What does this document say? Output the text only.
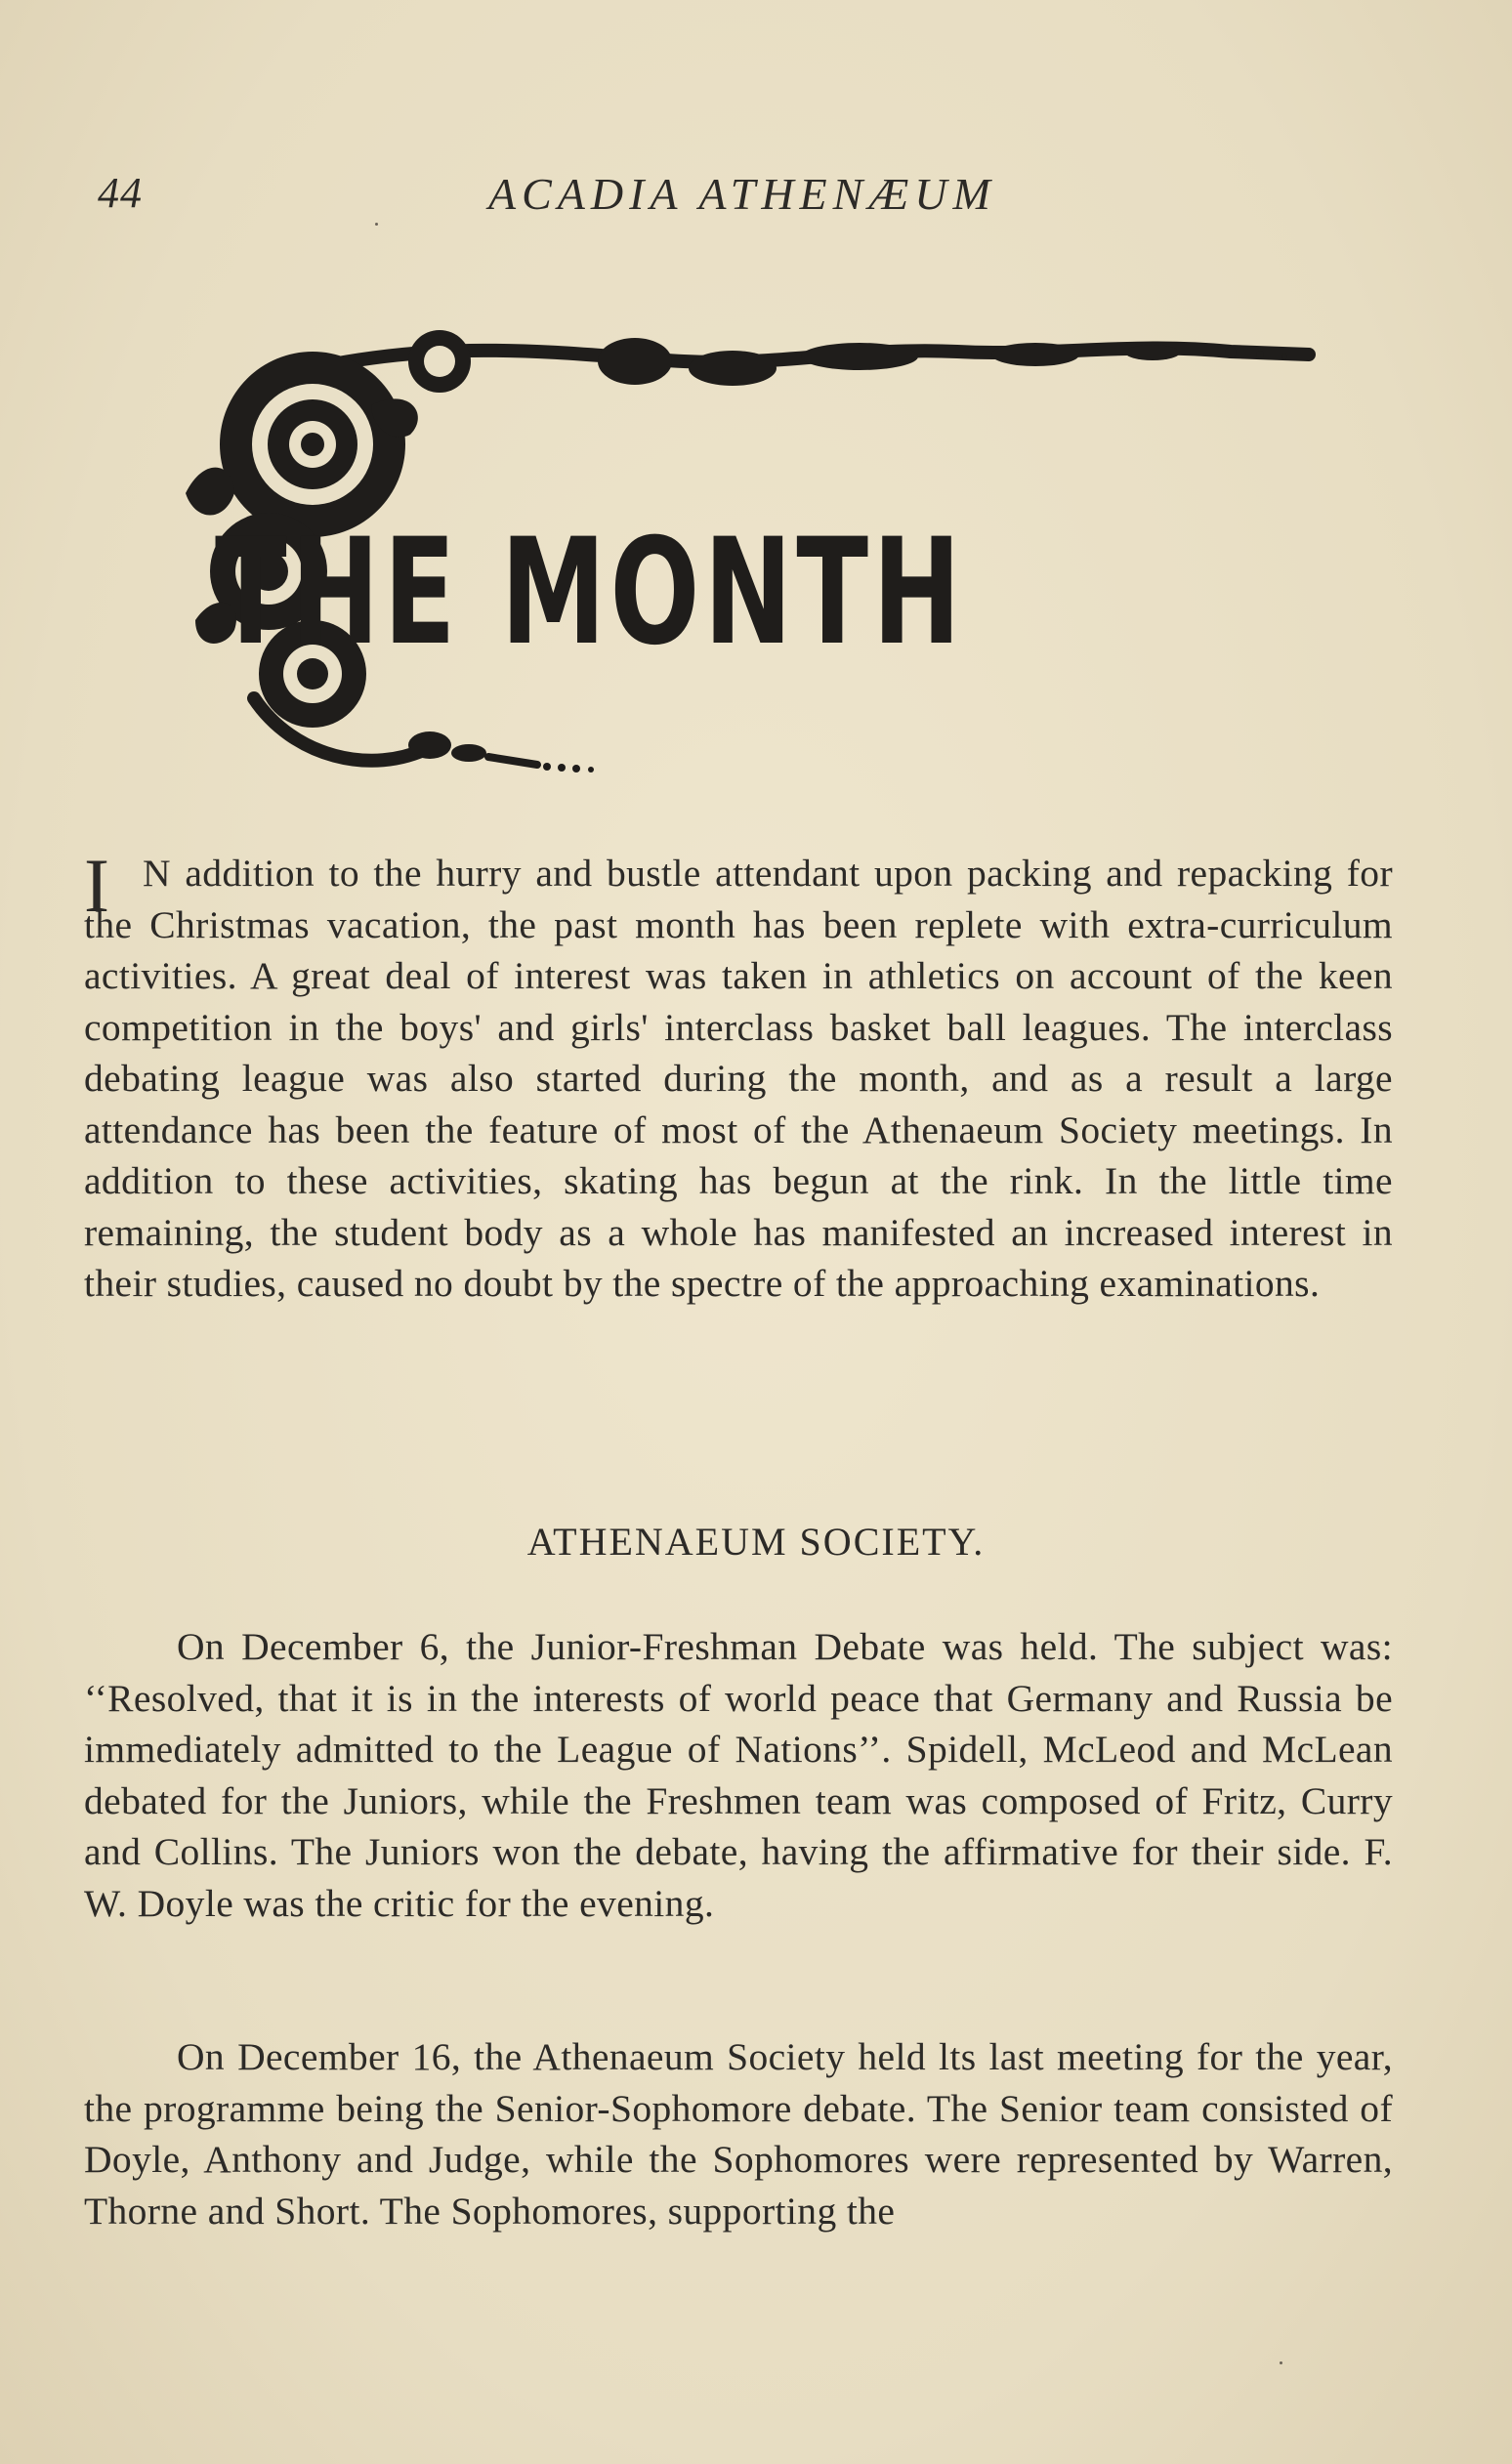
44	ACADIA ATHENÆUM
THE MONTH
I N addition to the hurry and bustle attendant upon packing and repacking for the Christmas vacation, the past month has been replete with extra-curriculum activities. A great deal of interest was taken in athletics on account of the keen competition in the boys' and girls' interclass basket ball leagues. The interclass debating league was also started during the month, and as a result a large attendance has been the feature of most of the Athenaeum Society meetings. In addition to these activities, skating has begun at the rink. In the little time remaining, the student body as a whole has manifested an increased interest in their studies, caused no doubt by the spectre of the approaching examinations.

ATHENAEUM SOCIETY.

On December 6, the Junior-Freshman Debate was held. The subject was: ‘‘Resolved, that it is in the interests of world peace that Germany and Russia be immediately admitted to the League of Nations’’. Spidell, McLeod and McLean debated for the Juniors, while the Freshmen team was composed of Fritz, Curry and Collins. The Juniors won the debate, having the affirmative for their side. F. W. Doyle was the critic for the evening.

On December 16, the Athenaeum Society held lts last meeting for the year, the programme being the Senior-Sophomore debate. The Senior team consisted of Doyle, Anthony and Judge, while the Sophomores were represented by Warren, Thorne and Short. The Sophomores, supporting the
